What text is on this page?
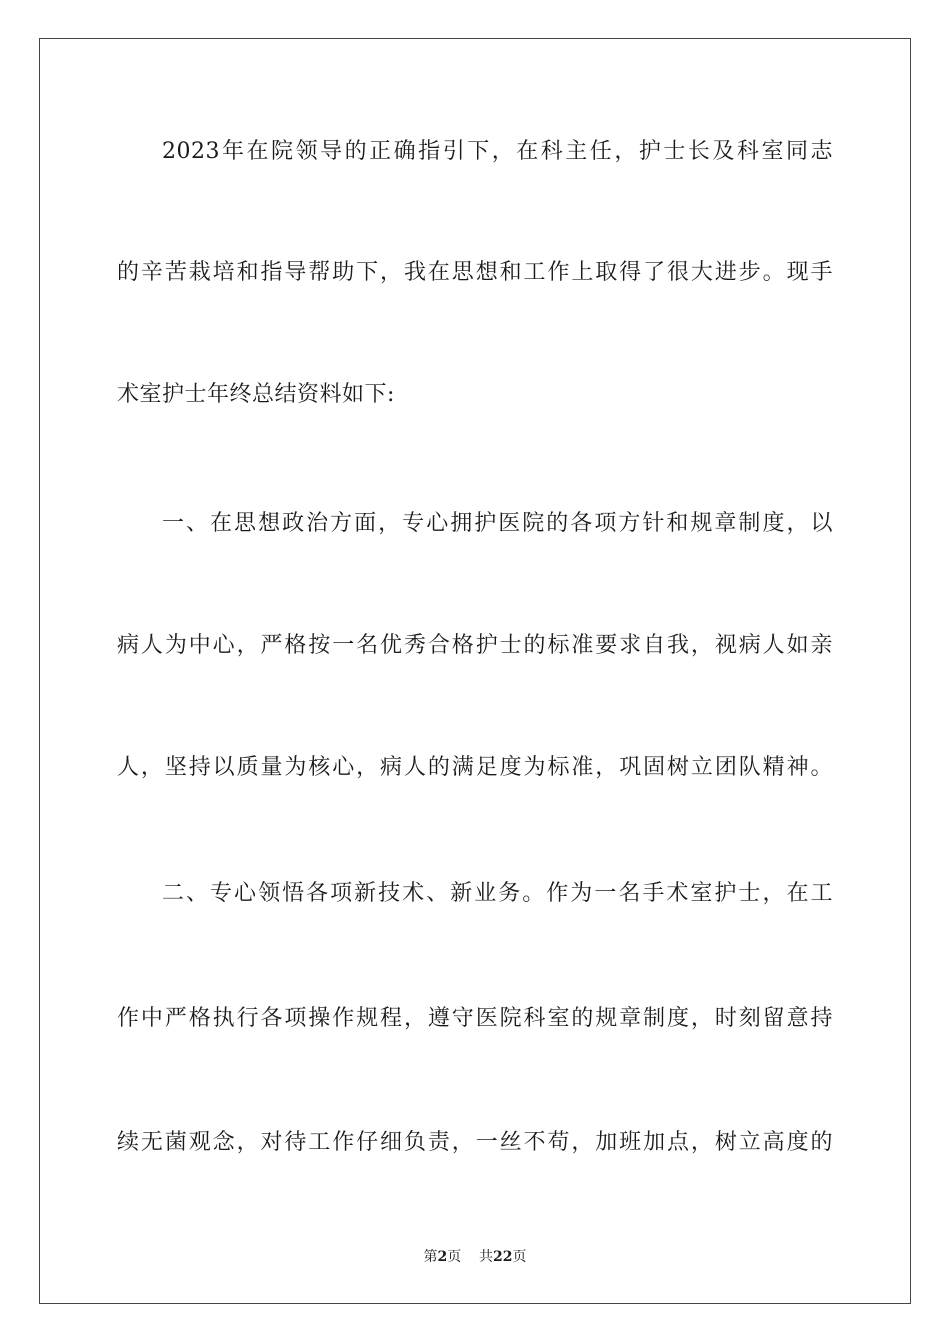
2023年在院领导的正确指引下，在科主任，护士长及科室同志
的辛苦栽培和指导帮助下，我在思想和工作上取得了很大进步。现手
术室护士年终总结资料如下:
一、在思想政治方面，专心拥护医院的各项方针和规章制度，以
病人为中心，严格按一名优秀合格护士的标准要求自我，视病人如亲
人，坚持以质量为核心，病人的满足度为标准，巩固树立团队精神。
二、专心领悟各项新技术、新业务。作为一名手术室护士，在工
作中严格执行各项操作规程，遵守医院科室的规章制度，时刻留意持
续无菌观念，对待工作仔细负责，一丝不苟，加班加点，树立高度的
第2页 共22页
